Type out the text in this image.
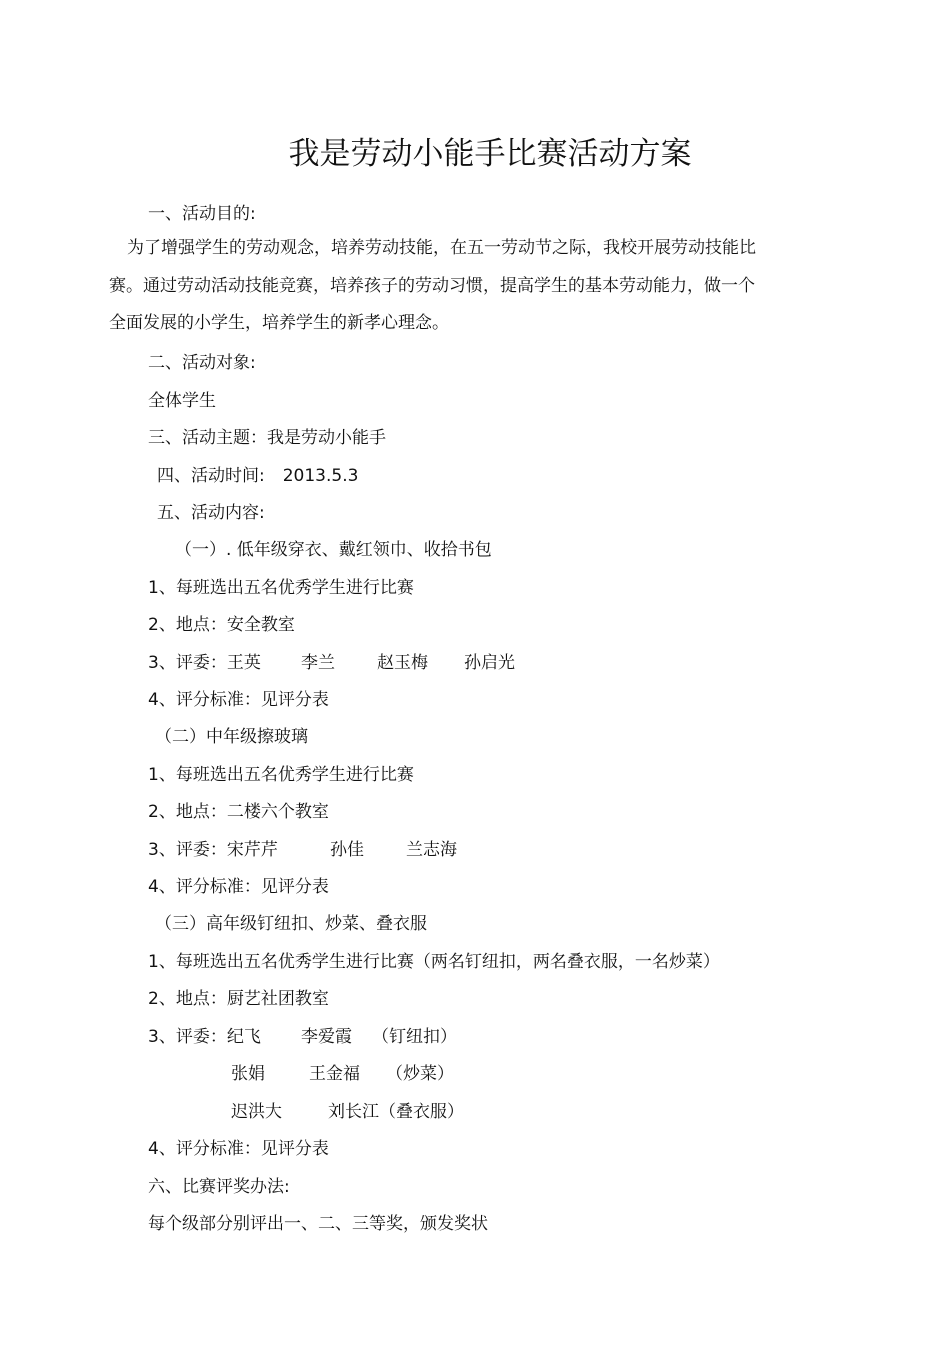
我是劳动小能手比赛活动方案
一、活动目的:
为了增强学生的劳动观念，培养劳动技能，在五一劳动节之际，我校开展劳动技能比
赛。通过劳动活动技能竞赛，培养孩子的劳动习惯，提高学生的基本劳动能力，做一个
全面发展的小学生，培养学生的新孝心理念。
二、活动对象:
全体学生
三、活动主题：我是劳动小能手
四、活动时间: 2013.5.3
五、活动内容:
（一）. 低年级穿衣、戴红领巾、收拾书包
1、每班选出五名优秀学生进行比赛
2、地点：安全教室
3、评委：王英 李兰 赵玉梅 孙启光
4、评分标准：见评分表
（二）中年级擦玻璃
1、每班选出五名优秀学生进行比赛
2、地点：二楼六个教室
3、评委：宋芹芹	孙佳 兰志海
4、评分标准：见评分表
（三）高年级钉纽扣、炒菜、叠衣服
1、每班选出五名优秀学生进行比赛（两名钉纽扣，两名叠衣服，一名炒菜）
2、地点：厨艺社团教室
3、评委：纪飞 李爱霞 （钉纽扣）
张娟	王金福 （炒菜）
迟洪大	刘长江（叠衣服）
4、评分标准：见评分表
六、比赛评奖办法:
每个级部分别评出一、二、三等奖，颁发奖状
